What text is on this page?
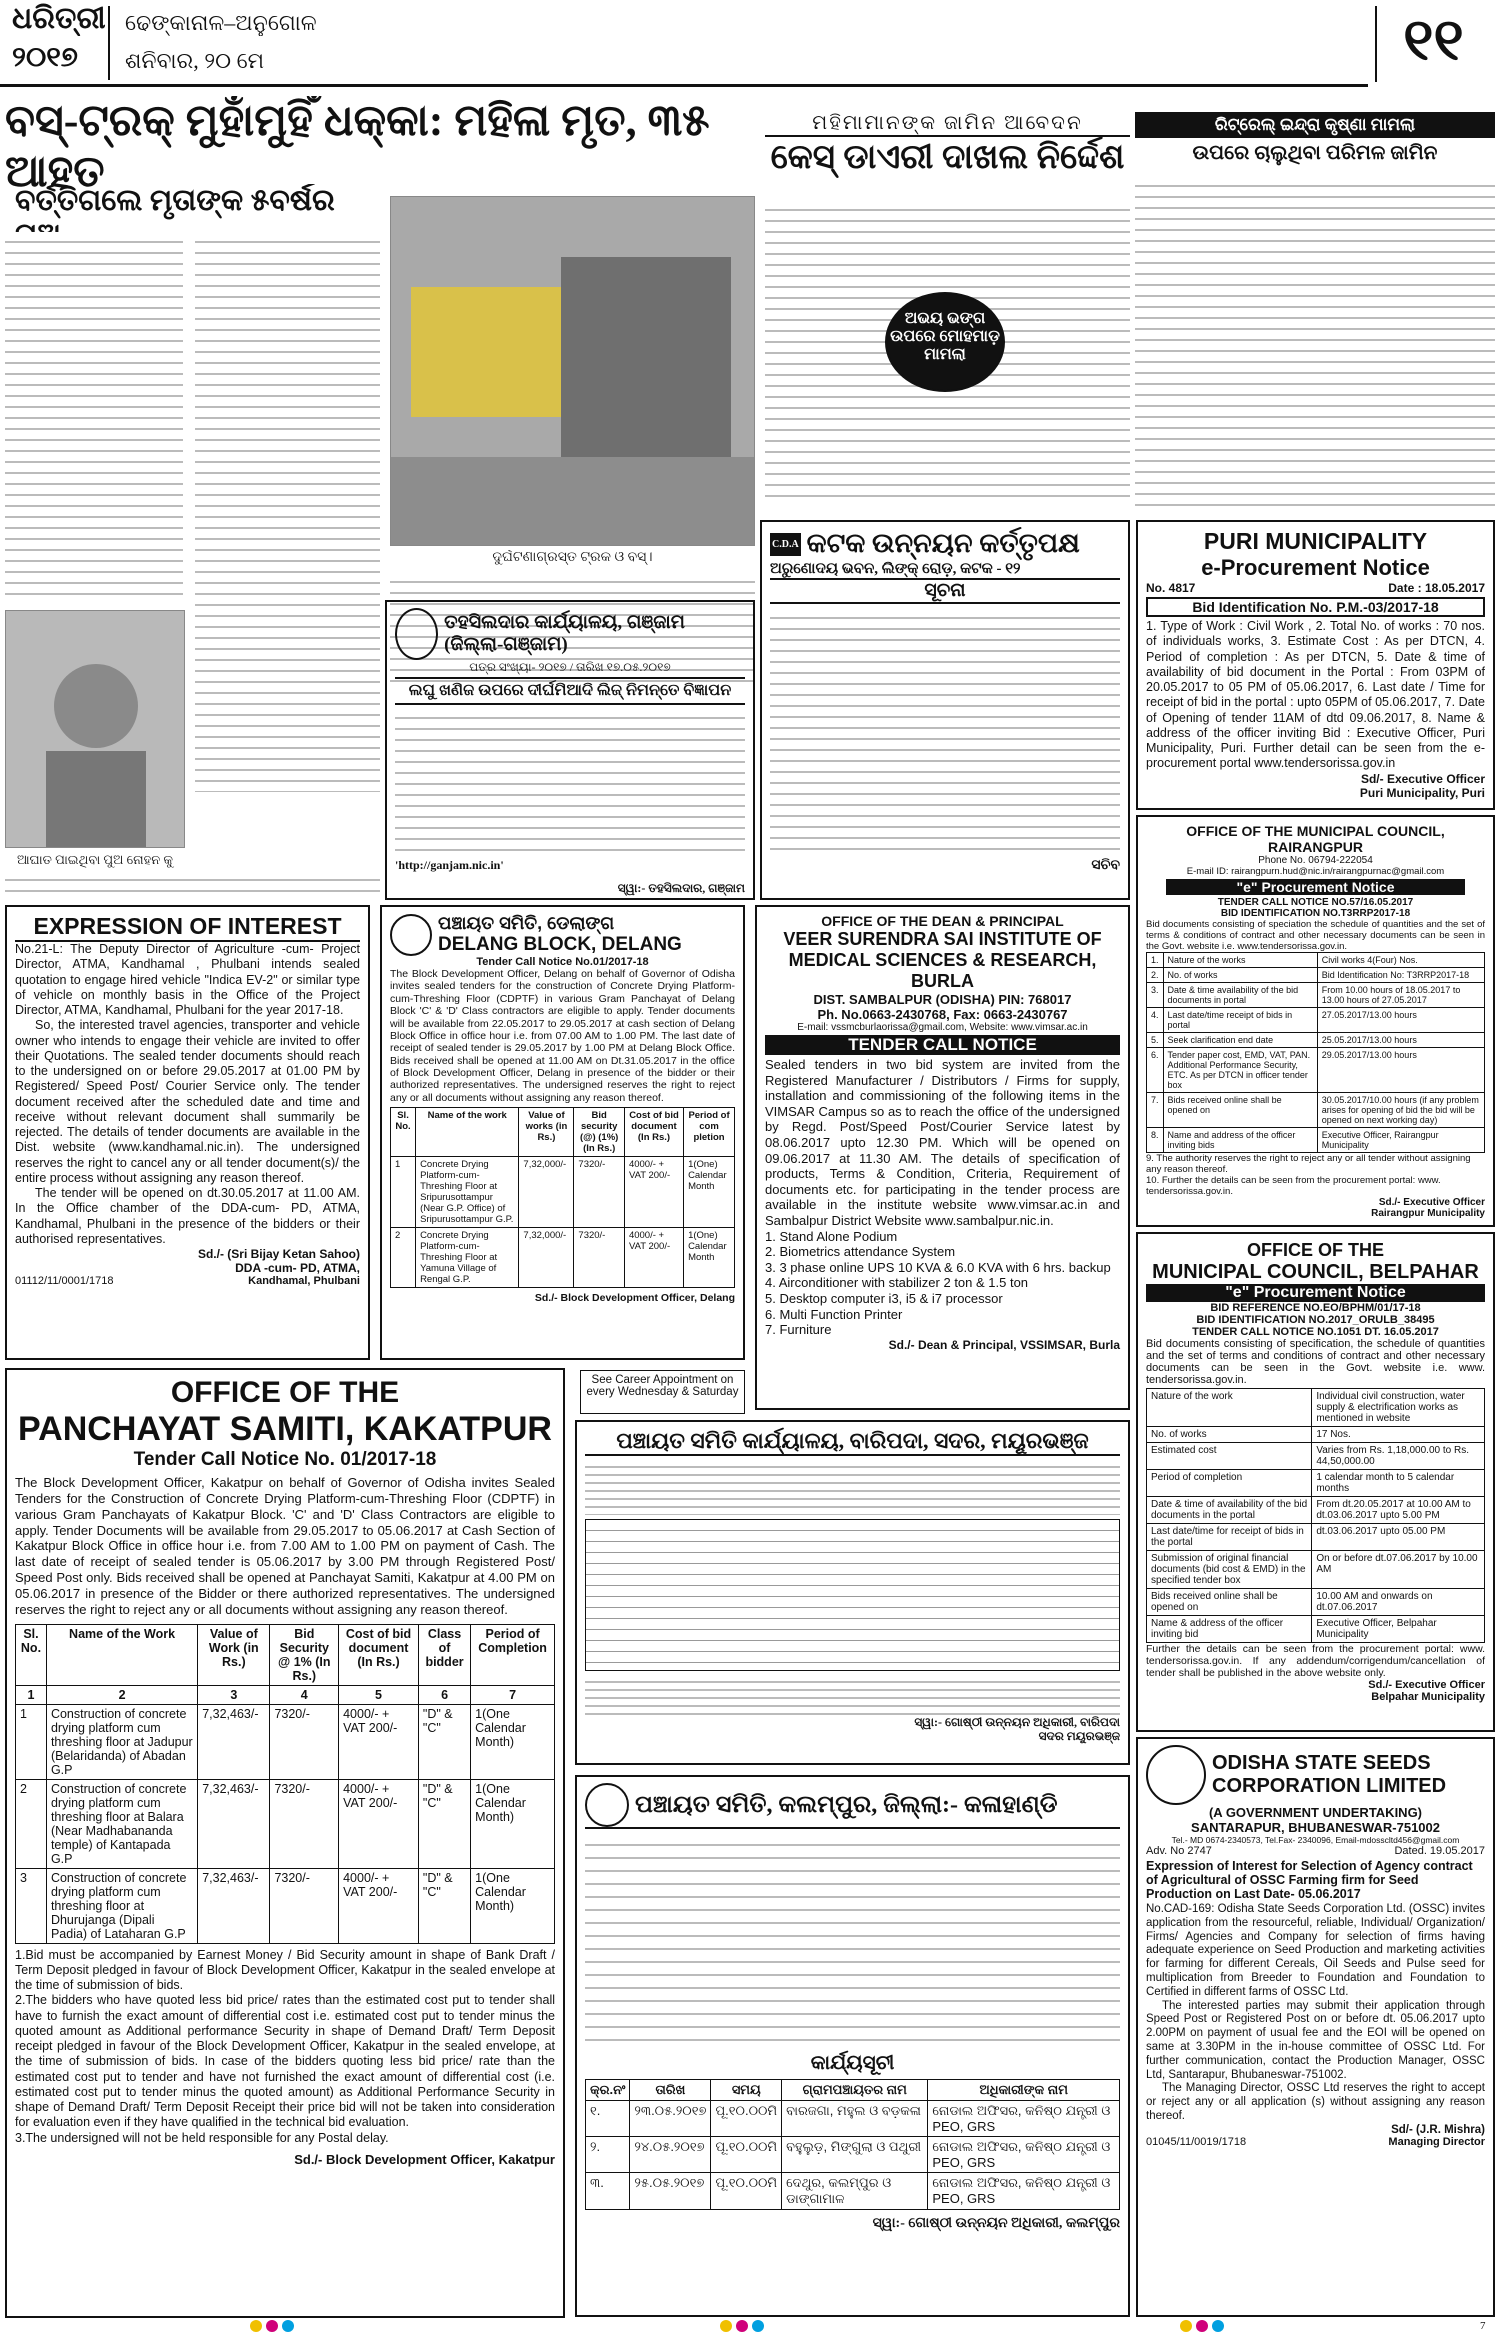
ଧରିତ୍ରୀ
୨୦୧୭
ଢେଙ୍କାନାଳ–ଅନୁଗୋଳ
ଶନିବାର, ୨୦ ମେ	୧୧
ବସ୍-ଟ୍ରକ୍ ମୁହାଁମୁହିଁ ଧକ୍କା: ମହିଳା ମୃତ, ୩୫ ଆହତ
ବର୍ତ୍ତିଗଲେ ମୃତାଙ୍କ ୫ବର୍ଷର
ଆଘାତ ପାଇଥିବା ପୁଅ ନୋହନ କୁ
ଦୁର୍ଘଟଣାଗ୍ରସ୍ତ ଟ୍ରକ ଓ ବସ୍।
ତହସିଲଦାର କାର୍ଯ୍ୟାଳୟ, ଗଞ୍ଜାମ (ଜିଲ୍ଲା-ଗଞ୍ଜାମ)
ପତ୍ର ସଂଖ୍ୟା- ୨୦୧୭ / ତାରିଖ ୧୭.୦୫.୨୦୧୭
ଲଘୁ ଖଣିଜ ଉପରେ ଦୀର୍ଘମିଆଦି ଲିଜ୍ ନିମନ୍ତେ ବିଜ୍ଞାପନ
'http://ganjam.nic.in'
ସ୍ୱା:- ତହସିଲଦାର, ଗଞ୍ଜାମ
ମହିମାମାନଙ୍କ ଜାମିନ ଆବେଦନ
କେସ୍ ଡାଏରୀ ଦାଖଲ ନିର୍ଦ୍ଦେଶ
ଅଭୟ ଭଙ୍ଗ ଉପରେ ମୋହମାଡ଼ ମାମଲା
ରିଟ୍ରେଲ୍ ଇନ୍ଦ୍ରା କୃଷ୍ଣା ମାମଲା
ଉପରେ ଚାଲୁଥିବା ପରିମଳ ଜାମିନ
C.D.A କଟକ ଉନ୍ନୟନ କର୍ତ୍ତୃପକ୍ଷ
ଅରୁଣୋଦୟ ଭବନ, ଲିଙ୍କ୍ ରୋଡ଼, କଟକ - ୧୨
ସୂଚନା
ସଚିବ
PURI MUNICIPALITY
e-Procurement Notice
No. 4817	Date : 18.05.2017
Bid Identification No. P.M.-03/2017-18
1. Type of Work : Civil Work , 2. Total No. of works : 70 nos. of individuals works, 3. Estimate Cost : As per DTCN, 4. Period of completion : As per DTCN, 5. Date & time of availability of bid document in the Portal : From 03PM of 20.05.2017 to 05 PM of 05.06.2017, 6. Last date / Time for receipt of bid in the portal : upto 05PM of 05.06.2017, 7. Date of Opening of tender 11AM of dtd 09.06.2017, 8. Name & address of the officer inviting Bid : Executive Officer, Puri Municipality, Puri. Further detail can be seen from the e-procurement portal www.tendersorissa.gov.in
Sd/- Executive Officer
Puri Municipality, Puri
OFFICE OF THE MUNICIPAL COUNCIL, RAIRANGPUR
Phone No. 06794-222054
E-mail ID: rairangpurn.hud@nic.in/rairangpurnac@gmail.com
"e" Procurement Notice
TENDER CALL NOTICE NO.57/16.05.2017
BID IDENTIFICATION NO.T3RRP2017-18
Bid documents consisting of speciation the schedule of quantities and the set of terms & conditions of contract and other necessary documents can be seen in the Govt. website i.e. www.tendersorissa.gov.in.
1.	Nature of the works	Civil works 4(Four) Nos.
2.	No. of works	Bid Identification No: T3RRP2017-18
3.	Date & time availability of the bid documents in portal	From 10.00 hours of 18.05.2017 to 13.00 hours of 27.05.2017
4.	Last date/time receipt of bids in portal	27.05.2017/13.00 hours
5.	Seek clarification end date	25.05.2017/13.00 hours
6.	Tender paper cost, EMD, VAT, PAN. Additional Performance Security, ETC. As per DTCN in officer tender box	29.05.2017/13.00 hours
7.	Bids received online shall be opened on	30.05.2017/10.00 hours (if any problem arises for opening of bid the bid will be opened on next working day)
8.	Name and address of the officer inviting bids	Executive Officer, Rairangpur Municipality
9. The authority reserves the right to reject any or all tender without assigning any reason thereof.
10. Further the details can be seen from the procurement portal: www. tendersorissa.gov.in.
Sd./- Executive Officer
Rairangpur Municipality
EXPRESSION OF INTEREST
No.21-L: The Deputy Director of Agriculture -cum- Project Director, ATMA, Kandhamal , Phulbani intends sealed quotation to engage hired vehicle "Indica EV-2" or similar type of vehicle on monthly basis in the Office of the Project Director, ATMA, Kandhamal, Phulbani for the year 2017-18.
So, the interested travel agencies, transporter and vehicle owner who intends to engage their vehicle are invited to offer their Quotations. The sealed tender documents should reach to the undersigned on or before 29.05.2017 at 01.00 PM by Registered/ Speed Post/ Courier Service only. The tender document received after the scheduled date and time and receive without relevant document shall summarily be rejected. The details of tender documents are available in the Dist. website (www.kandhamal.nic.in). The undersigned reserves the right to cancel any or all tender document(s)/ the entire process without assigning any reason thereof.
The tender will be opened on dt.30.05.2017 at 11.00 AM. In the Office chamber of the DDA-cum- PD, ATMA, Kandhamal, Phulbani in the presence of the bidders or their authorised representatives.
Sd./- (Sri Bijay Ketan Sahoo)
DDA -cum- PD, ATMA,
01112/11/0001/1718	Kandhamal, Phulbani
ପଞ୍ଚାୟତ ସମିତି, ଡେଲାଙ୍ଗ
DELANG BLOCK, DELANG
Tender Call Notice No.01/2017-18
The Block Development Officer, Delang on behalf of Governor of Odisha invites sealed tenders for the construction of Concrete Drying Platform-cum-Threshing Floor (CDPTF) in various Gram Panchayat of Delang Block 'C' & 'D' Class contractors are eligible to apply. Tender documents will be available from 22.05.2017 to 29.05.2017 at cash section of Delang Block Office in office hour i.e. from 07.00 AM to 1.00 PM. The last date of receipt of sealed tender is 29.05.2017 by 1.00 PM at Delang Block Office. Bids received shall be opened at 11.00 AM on Dt.31.05.2017 in the office of Block Development Officer, Delang in presence of the bidder or their authorized representatives. The undersigned reserves the right to reject any or all documents without assigning any reason thereof.
Sl. No.	Name of the work	Value of works (in Rs.)	Bid security (@) (1%) (In Rs.)	Cost of bid document (In Rs.)	Period of com pletion
1	Concrete Drying Platform-cum-Threshing Floor at Sripurusottampur (Near G.P. Office) of Sripurusottampur G.P.	7,32,000/-	7320/-	4000/- + VAT 200/-	1(One) Calendar Month
2	Concrete Drying Platform-cum-Threshing Floor at Yamuna Village of Rengal G.P.	7,32,000/-	7320/-	4000/- + VAT 200/-	1(One) Calendar Month
Sd./- Block Development Officer, Delang
OFFICE OF THE DEAN & PRINCIPAL
VEER SURENDRA SAI INSTITUTE OF
MEDICAL SCIENCES & RESEARCH, BURLA
DIST. SAMBALPUR (ODISHA) PIN: 768017
Ph. No.0663-2430768, Fax: 0663-2430767
E-mail: vssmcburlaorissa@gmail.com, Website: www.vimsar.ac.in
TENDER CALL NOTICE
Sealed tenders in two bid system are invited from the Registered Manufacturer / Distributors / Firms for supply, installation and commissioning of the following items in the VIMSAR Campus so as to reach the office of the undersigned by Regd. Post/Speed Post/Courier Service latest by 08.06.2017 upto 12.30 PM. Which will be opened on 09.06.2017 at 11.30 AM. The details of specification of products, Terms & Condition, Criteria, Requirement of documents etc. for participating in the tender process are available in the institute website www.vimsar.ac.in and Sambalpur District Website www.sambalpur.nic.in.
1. Stand Alone Podium
2. Biometrics attendance System
3. 3 phase online UPS 10 KVA & 6.0 KVA with 6 hrs. backup
4. Airconditioner with stabilizer 2 ton & 1.5 ton
5. Desktop computer i3, i5 & i7 processor
6. Multi Function Printer
7. Furniture
Sd./- Dean & Principal, VSSIMSAR, Burla
OFFICE OF THE
MUNICIPAL COUNCIL, BELPAHAR
"e" Procurement Notice
BID REFERENCE NO.EO/BPHM/01/17-18
BID IDENTIFICATION NO.2017_ORULB_38495
TENDER CALL NOTICE NO.1051 DT. 16.05.2017
Bid documents consisting of specification, the schedule of quantities and the set of terms and conditions of contract and other necessary documents can be seen in the Govt. website i.e. www. tendersorissa.gov.in.
Nature of the work	Individual civil construction, water supply & electrification works as mentioned in website
No. of works	17 Nos.
Estimated cost	Varies from Rs. 1,18,000.00 to Rs. 44,50,000.00
Period of completion	1 calendar month to 5 calendar months
Date & time of availability of the bid documents in the portal	From dt.20.05.2017 at 10.00 AM to dt.03.06.2017 upto 5.00 PM
Last date/time for receipt of bids in the portal	dt.03.06.2017 upto 05.00 PM
Submission of original financial documents (bid cost & EMD) in the specified tender box	On or before dt.07.06.2017 by 10.00 AM
Bids received online shall be opened on	10.00 AM and onwards on dt.07.06.2017
Name & address of the officer inviting bid	Executive Officer, Belpahar Municipality
Further the details can be seen from the procurement portal: www. tendersorissa.gov.in. If any addendum/corrigendum/cancellation of tender shall be published in the above website only.
Sd./- Executive Officer
Belpahar Municipality
OFFICE OF THE
PANCHAYAT SAMITI, KAKATPUR
Tender Call Notice No. 01/2017-18
The Block Development Officer, Kakatpur on behalf of Governor of Odisha invites Sealed Tenders for the Construction of Concrete Drying Platform-cum-Threshing Floor (CDPTF) in various Gram Panchayats of Kakatpur Block. 'C' and 'D' Class Contractors are eligible to apply. Tender Documents will be available from 29.05.2017 to 05.06.2017 at Cash Section of Kakatpur Block Office in office hour i.e. from 7.00 AM to 1.00 PM on payment of Cash. The last date of receipt of sealed tender is 05.06.2017 by 3.00 PM through Registered Post/ Speed Post only. Bids received shall be opened at Panchayat Samiti, Kakatpur at 4.00 PM on 05.06.2017 in presence of the Bidder or there authorized representatives. The undersigned reserves the right to reject any or all documents without assigning any reason thereof.
Sl. No.	Name of the Work	Value of Work (in Rs.)	Bid Security @ 1% (In Rs.)	Cost of bid document (In Rs.)	Class of bidder	Period of Completion
1	2	3	4	5	6	7
1	Construction of concrete drying platform cum threshing floor at Jadupur (Belaridanda) of Abadan G.P	7,32,463/-	7320/-	4000/- + VAT 200/-	"D" & "C"	1(One Calendar Month)
2	Construction of concrete drying platform cum threshing floor at Balara (Near Madhabananda temple) of Kantapada G.P	7,32,463/-	7320/-	4000/- + VAT 200/-	"D" & "C"	1(One Calendar Month)
3	Construction of concrete drying platform cum threshing floor at Dhurujanga (Dipali Padia) of Lataharan G.P	7,32,463/-	7320/-	4000/- + VAT 200/-	"D" & "C"	1(One Calendar Month)
1.Bid must be accompanied by Earnest Money / Bid Security amount in shape of Bank Draft / Term Deposit pledged in favour of Block Development Officer, Kakatpur in the sealed envelope at the time of submission of bids.
2.The bidders who have quoted less bid price/ rates than the estimated cost put to tender shall have to furnish the exact amount of differential cost i.e. estimated cost put to tender minus the quoted amount as Additional performance Security in shape of Demand Draft/ Term Deposit receipt pledged in favour of the Block Development Officer, Kakatpur in the sealed envelope, at the time of submission of bids. In case of the bidders quoting less bid price/ rate than the estimated cost put to tender and have not furnished the exact amount of differential cost (i.e. estimated cost put to tender minus the quoted amount) as Additional Performance Security in shape of Demand Draft/ Term Deposit Receipt their price bid will not be taken into consideration for evaluation even if they have qualified in the technical bid evaluation.
3.The undersigned will not be held responsible for any Postal delay.
Sd./- Block Development Officer, Kakatpur
See Career Appointment on every Wednesday & Saturday
ପଞ୍ଚାୟତ ସମିତି କାର୍ଯ୍ୟାଳୟ, ବାରିପଦା, ସଦର, ମୟୂରଭଞ୍ଜ
ସ୍ୱା:- ଗୋଷ୍ଠୀ ଉନ୍ନୟନ ଅଧିକାରୀ, ବାରିପଦା
ସଦର ମୟୂରଭଞ୍ଜ
ପଞ୍ଚାୟତ ସମିତି, କଲମ୍ପୁର, ଜିଲ୍ଲା:- କଳାହାଣ୍ଡି
କାର୍ଯ୍ୟସୂଚୀ
କ୍ର.ନଂ	ତାରିଖ	ସମୟ	ଗ୍ରାମପଞ୍ଚାୟତର ନାମ	ଅଧିକାରୀଙ୍କ ନାମ
୧.	୨୩.୦୫.୨୦୧୭	ପୂ.୧୦.୦୦ମି	ବାରଜଗା, ମହୁଲ ଓ ବଡ଼କଳା	ନୋଡାଲ ଅଫିସର, କନିଷ୍ଠ ଯନ୍ତ୍ରୀ ଓ PEO, GRS
୨.	୨୪.୦୫.୨୦୧୭	ପୂ.୧୦.୦୦ମି	ବହୁଲୁଡ଼, ମିଙ୍ଗୁଲା ଓ ପଥୁରୀ	ନୋଡାଲ ଅଫିସର, କନିଷ୍ଠ ଯନ୍ତ୍ରୀ ଓ PEO, GRS
୩.	୨୫.୦୫.୨୦୧୭	ପୂ.୧୦.୦୦ମି	ଦେଥୁର, କଲମ୍ପୁର ଓ ଡାଙ୍ଗାମାଳ	ନୋଡାଲ ଅଫିସର, କନିଷ୍ଠ ଯନ୍ତ୍ରୀ ଓ PEO, GRS
ସ୍ୱା:- ଗୋଷ୍ଠୀ ଉନ୍ନୟନ ଅଧିକାରୀ, କଲମ୍ପୁର
ODISHA STATE SEEDS
CORPORATION LIMITED
(A GOVERNMENT UNDERTAKING)
SANTARAPUR, BHUBANESWAR-751002
Tel.- MD 0674-2340573, Tel.Fax- 2340096, Email-mdosscltd456@gmail.com
Adv. No 2747	Dated. 19.05.2017
Expression of Interest for Selection of Agency contract of Agricultural of OSSC Farming firm for Seed Production on Last Date- 05.06.2017
No.CAD-169: Odisha State Seeds Corporation Ltd. (OSSC) invites application from the resourceful, reliable, Individual/ Organization/ Firms/ Agencies and Company for selection of firms having adequate experience on Seed Production and marketing activities for farming for different Cereals, Oil Seeds and Pulse seed for multiplication from Breeder to Foundation and Foundation to Certified in different farms of OSSC Ltd.
The interested parties may submit their application through Speed Post or Registered Post on or before dt. 05.06.2017 upto 2.00PM on payment of usual fee and the EOI will be opened on same at 3.30PM in the in-house committee of OSSC Ltd. For further communication, contact the Production Manager, OSSC Ltd, Santarapur, Bhubaneswar-751002.
The Managing Director, OSSC Ltd reserves the right to accept or reject any or all application (s) without assigning any reason thereof.
Sd/- (J.R. Mishra)
01045/11/0019/1718	Managing Director
7
